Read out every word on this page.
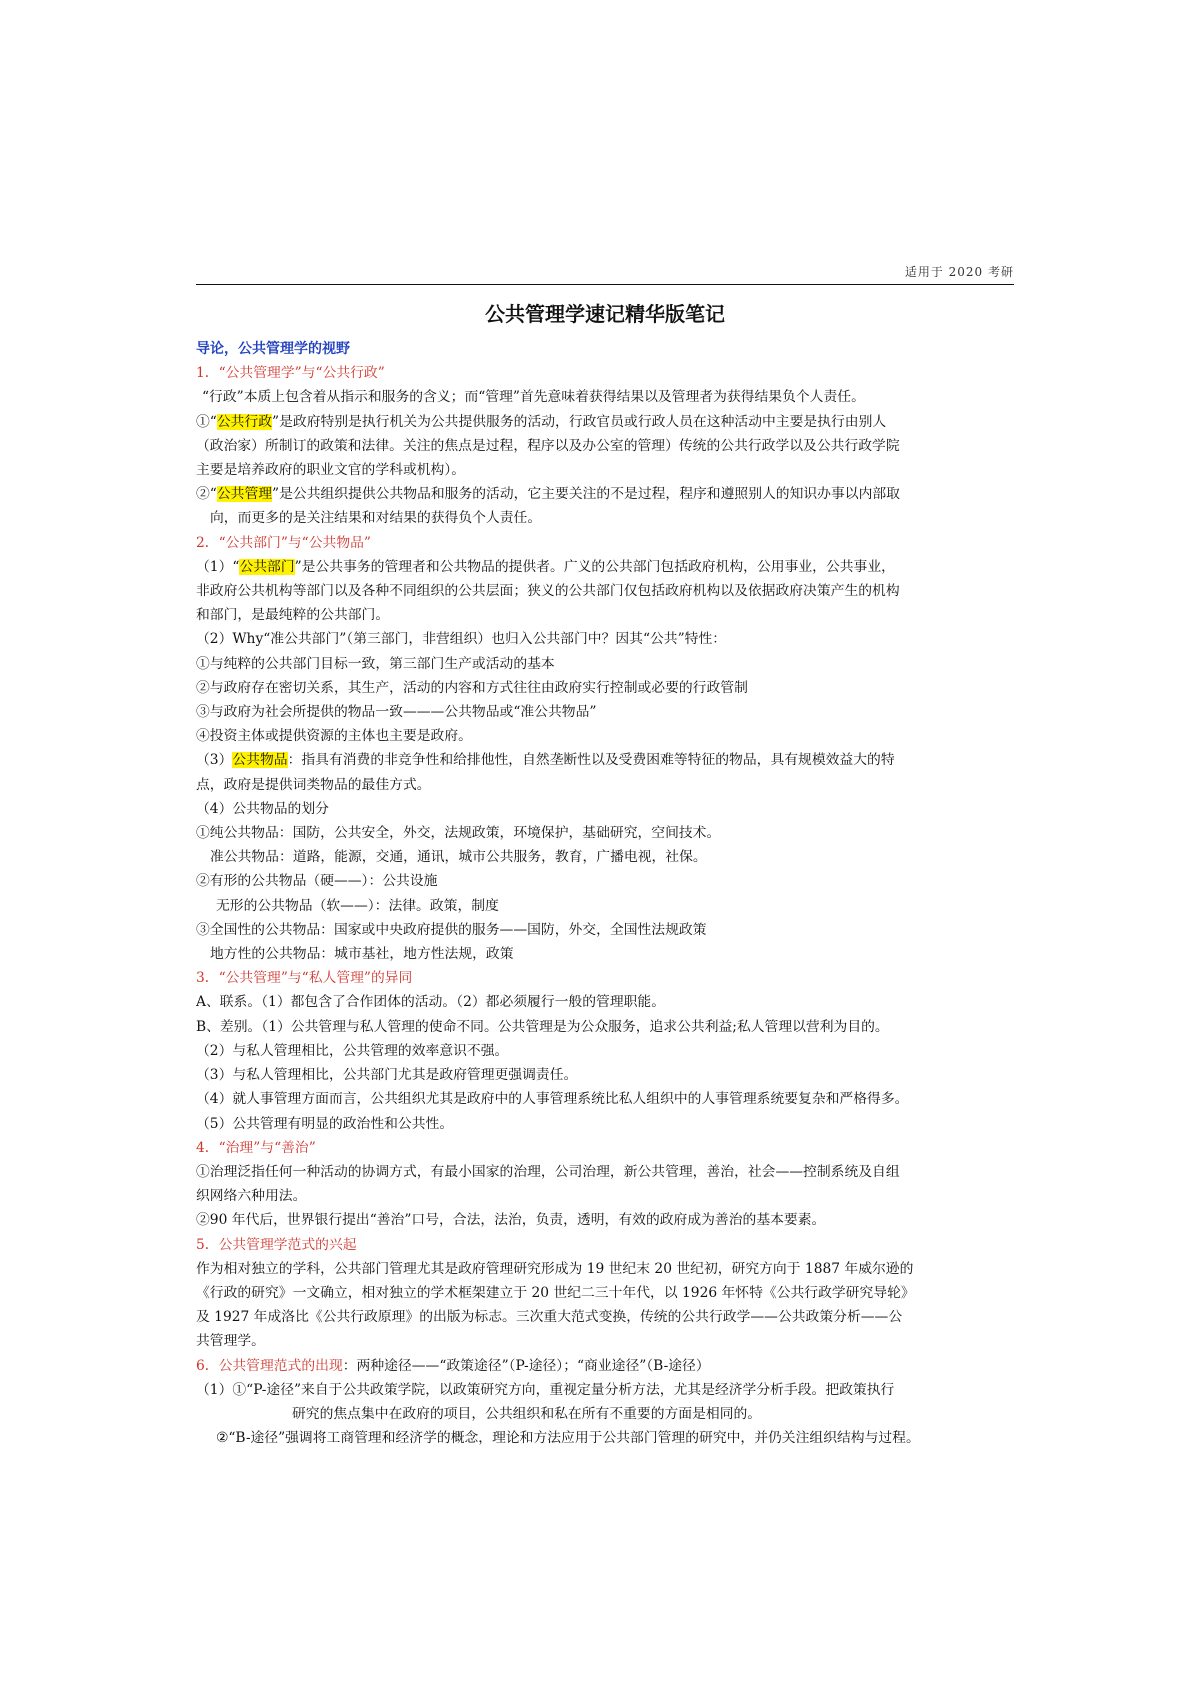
适用于 2020 考研
公共管理学速记精华版笔记
导论，公共管理学的视野
1．“公共管理学”与“公共行政”
“行政”本质上包含着从指示和服务的含义；而“管理”首先意味着获得结果以及管理者为获得结果负个人责任。
①“公共行政”是政府特别是执行机关为公共提供服务的活动，行政官员或行政人员在这种活动中主要是执行由别人
（政治家）所制订的政策和法律。关注的焦点是过程，程序以及办公室的管理）传统的公共行政学以及公共行政学院
主要是培养政府的职业文官的学科或机构）。
②“公共管理”是公共组织提供公共物品和服务的活动，它主要关注的不是过程，程序和遵照别人的知识办事以内部取
向，而更多的是关注结果和对结果的获得负个人责任。
2．“公共部门”与“公共物品”
（1）“公共部门”是公共事务的管理者和公共物品的提供者。广义的公共部门包括政府机构，公用事业，公共事业，
非政府公共机构等部门以及各种不同组织的公共层面；狭义的公共部门仅包括政府机构以及依据政府决策产生的机构
和部门，是最纯粹的公共部门。
（2）Why“准公共部门”（第三部门，非营组织）也归入公共部门中？因其“公共”特性：
①与纯粹的公共部门目标一致，第三部门生产或活动的基本
②与政府存在密切关系，其生产，活动的内容和方式往往由政府实行控制或必要的行政管制
③与政府为社会所提供的物品一致———公共物品或“准公共物品”
④投资主体或提供资源的主体也主要是政府。
（3）公共物品：指具有消费的非竞争性和给排他性，自然垄断性以及受费困难等特征的物品，具有规模效益大的特
点，政府是提供词类物品的最佳方式。
（4）公共物品的划分
①纯公共物品：国防，公共安全，外交，法规政策，环境保护，基础研究，空间技术。
准公共物品：道路，能源，交通，通讯，城市公共服务，教育，广播电视，社保。
②有形的公共物品（硬——）：公共设施
无形的公共物品（软——）：法律。政策，制度
③全国性的公共物品：国家或中央政府提供的服务——国防，外交，全国性法规政策
地方性的公共物品：城市基社，地方性法规，政策
3．“公共管理”与“私人管理”的异同
A、联系。（1）都包含了合作团体的活动。（2）都必须履行一般的管理职能。
B、差别。（1）公共管理与私人管理的使命不同。公共管理是为公众服务，追求公共利益;私人管理以营利为目的。
（2）与私人管理相比，公共管理的效率意识不强。
（3）与私人管理相比，公共部门尤其是政府管理更强调责任。
（4）就人事管理方面而言，公共组织尤其是政府中的人事管理系统比私人组织中的人事管理系统要复杂和严格得多。
（5）公共管理有明显的政治性和公共性。
4．“治理”与“善治”
①治理泛指任何一种活动的协调方式，有最小国家的治理，公司治理，新公共管理，善治，社会——控制系统及自组
织网络六种用法。
②90 年代后，世界银行提出“善治”口号，合法，法治，负责，透明，有效的政府成为善治的基本要素。
5．公共管理学范式的兴起
作为相对独立的学科，公共部门管理尤其是政府管理研究形成为 19 世纪末 20 世纪初，研究方向于 1887 年威尔逊的
《行政的研究》一文确立，相对独立的学术框架建立于 20 世纪二三十年代，以 1926 年怀特《公共行政学研究导轮》
及 1927 年成洛比《公共行政原理》的出版为标志。三次重大范式变换，传统的公共行政学——公共政策分析——公
共管理学。
6．公共管理范式的出现：两种途径——“政策途径”（P-途径）；“商业途径”（B-途径）
（1）①“P-途径”来自于公共政策学院，以政策研究方向，重视定量分析方法，尤其是经济学分析手段。把政策执行
研究的焦点集中在政府的项目，公共组织和私在所有不重要的方面是相同的。
②“B-途径”强调将工商管理和经济学的概念，理论和方法应用于公共部门管理的研究中，并仍关注组织结构与过程。
